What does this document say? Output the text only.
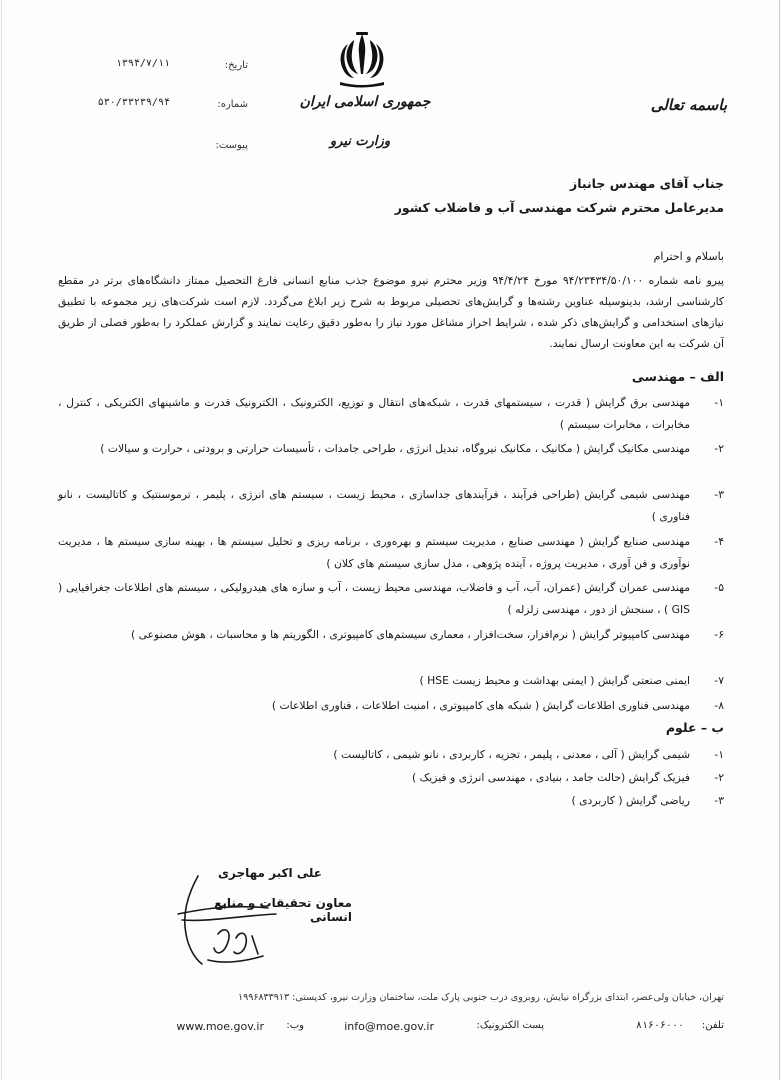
جمهوری اسلامی ایران
وزارت نیرو
باسمه تعالی
تاریخ:
۱۳۹۴/۷/۱۱
شماره:
۵۳۰/۳۳۲۳۹/۹۴
پیوست:
جناب آقای مهندس جانباز
مدیرعامل محترم شرکت مهندسی آب و فاضلاب کشور
باسلام و احترام
پیرو نامه شماره ۹۴/۲۳۴۳۴/۵۰/۱۰۰ مورخ ۹۴/۴/۲۴ وزیر محترم نیرو موضوع جذب منابع انسانی فارغ التحصیل ممتاز دانشگاه‌های برتر در مقطع کارشناسی ارشد، بدینوسیله عناوین رشته‌ها و گرایش‌های تحصیلی مربوط به شرح زیر ابلاغ می‌گردد. لازم است شرکت‌های زیر مجموعه با تطبیق نیازهای استخدامی و گرایش‌های ذکر شده ، شرایط احراز مشاغل مورد نیاز را به‌طور دقیق رعایت نمایند و گزارش عملکرد را به‌طور فصلی از طریق آن شرکت به این معاونت ارسال نمایند.
الف – مهندسی
۱-
مهندسی برق گرایش ( قدرت ، سیستمهای قدرت ، شبکه‌های انتقال و توزیع، الکترونیک ، الکترونیک قدرت و ماشینهای الکتریکی ، کنترل ، مخابرات ، مخابرات سیستم )
۲-
مهندسی مکانیک گرایش ( مکانیک ، مکانیک نیروگاه، تبدیل انرژی ، طراحی جامدات ، تأسیسات حرارتی و برودتی ، حرارت و سیالات )
۳-
مهندسی شیمی گرایش (طراحی فرآیند ، فرآیندهای جداسازی ، محیط زیست ، سیستم های انرژی ، پلیمر ، ترموسنتیک و کاتالیست ، نانو فناوری )
۴-
مهندسی صنایع گرایش ( مهندسی صنایع ، مدیریت سیستم و بهره‌وری ، برنامه ریزی و تحلیل سیستم ها ، بهینه سازی سیستم ها ، مدیریت نوآوری و فن آوری ، مدیریت پروژه ، آینده پژوهی ، مدل سازی سیستم های کلان )
۵-
مهندسی عمران گرایش (عمران، آب، آب و فاضلاب، مهندسی محیط زیست ، آب و سازه های هیدرولیکی ، سیستم های اطلاعات جغرافیایی ( GIS ) ، سنجش از دور ، مهندسی زلزله )
۶-
مهندسی کامپیوتر گرایش ( نرم‌افزار، سخت‌افزار ، معماری سیستم‌های کامپیوتری ، الگوریتم ها و محاسبات ، هوش مصنوعی )
۷-
ایمنی صنعتی گرایش ( ایمنی بهداشت و محیط زیست HSE )
۸-
مهندسی فناوری اطلاعات گرایش ( شبکه های کامپیوتری ، امنیت اطلاعات ، فناوری اطلاعات )
ب – علوم
۱-
شیمی گرایش ( آلی ، معدنی ، پلیمر ، تجزیه ، کاربردی ، نانو شیمی ، کاتالیست )
۲-
فیزیک گرایش (حالت جامد ، بنیادی ، مهندسی انرژی و فیزیک )
۳-
ریاضی گرایش ( کاربردی )
علی اکبر مهاجری
معاون تحقیقات و منابع انسانی
تهران، خیابان ولی‌عصر، ابتدای بزرگراه نیایش، روبروی درب جنوبی پارک ملت، ساختمان وزارت نیرو، کدپستی: ۱۹۹۶۸۳۳۹۱۳
تلفن:
۸۱۶۰۶۰۰۰
پست الکترونیک:
info@moe.gov.ir
وب:
www.moe.gov.ir
